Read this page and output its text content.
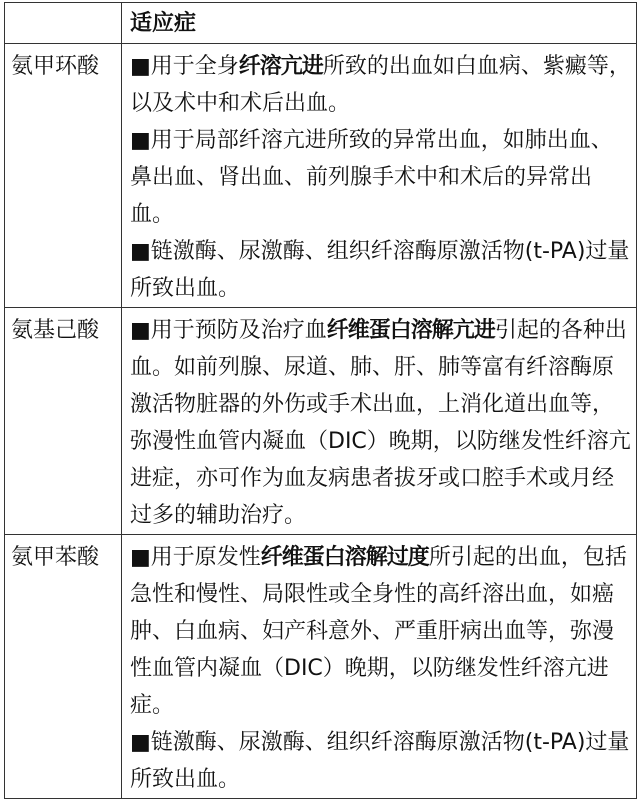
	适应症
氨甲环酸	■用于全身纤溶亢进所致的出血如白血病、紫癜等，以及术中和术后出血。

■用于局部纤溶亢进所致的异常出血，如肺出血、鼻出血、肾出血、前列腺手术中和术后的异常出血。

■链激酶、尿激酶、组织纤溶酶原激活物(t-PA)过量所致出血。

氨基己酸	■用于预防及治疗血纤维蛋白溶解亢进引起的各种出血。如前列腺、尿道、肺、肝、肺等富有纤溶酶原激活物脏器的外伤或手术出血，上消化道出血等，弥漫性血管内凝血（DIC）晚期，以防继发性纤溶亢进症，亦可作为血友病患者拔牙或口腔手术或月经过多的辅助治疗。

氨甲苯酸	■用于原发性纤维蛋白溶解过度所引起的出血，包括急性和慢性、局限性或全身性的高纤溶出血，如癌肿、白血病、妇产科意外、严重肝病出血等，弥漫性血管内凝血（DIC）晚期，以防继发性纤溶亢进症。

■链激酶、尿激酶、组织纤溶酶原激活物(t-PA)过量所致出血。
